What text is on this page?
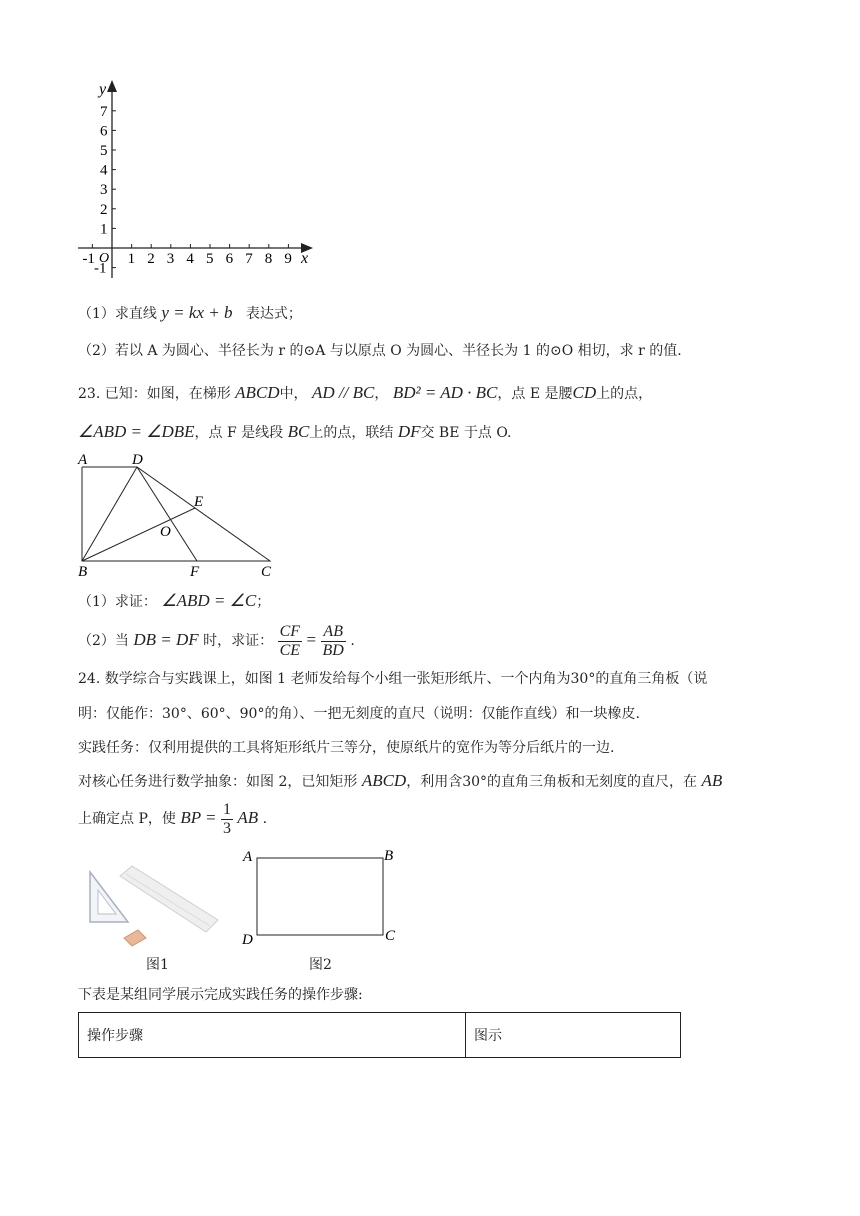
x
y
O
-1 1 2 3 4 5 6 7 8 9
-1
1
2
3
4
5
6
7
（1）求直线 y = kx + b 表达式；
（2）若以 A 为圆心、半径长为 r 的⊙A 与以原点 O 为圆心、半径长为 1 的⊙O 相切，求 r 的值.
23. 已知：如图，在梯形 ABCD中， AD // BC， BD² = AD · BC，点 E 是腰CD上的点，
∠ABD = ∠DBE，点 F 是线段 BC上的点，联结 DF交 BE 于点 O.
A	D
E
O
B	F	C
（1）求证： ∠ABD = ∠C；
（2）当 DB = DF 时，求证： $\frac{CF}{CE} = \frac{AB}{BD}$ .
24. 数学综合与实践课上，如图 1 老师发给每个小组一张矩形纸片、一个内角为30°的直角三角板（说
明：仅能作：30°、60°、90°的角）、一把无刻度的直尺（说明：仅能作直线）和一块橡皮.
实践任务：仅利用提供的工具将矩形纸片三等分，使原纸片的宽作为等分后纸片的一边.
对核心任务进行数学抽象：如图 2，已知矩形 ABCD，利用含30°的直角三角板和无刻度的直尺，在 AB
上确定点 P，使 BP = $\frac{1}{3}$ AB .
图1
A	B
D	C
图2
下表是某组同学展示完成实践任务的操作步骤:
操作步骤	图示
